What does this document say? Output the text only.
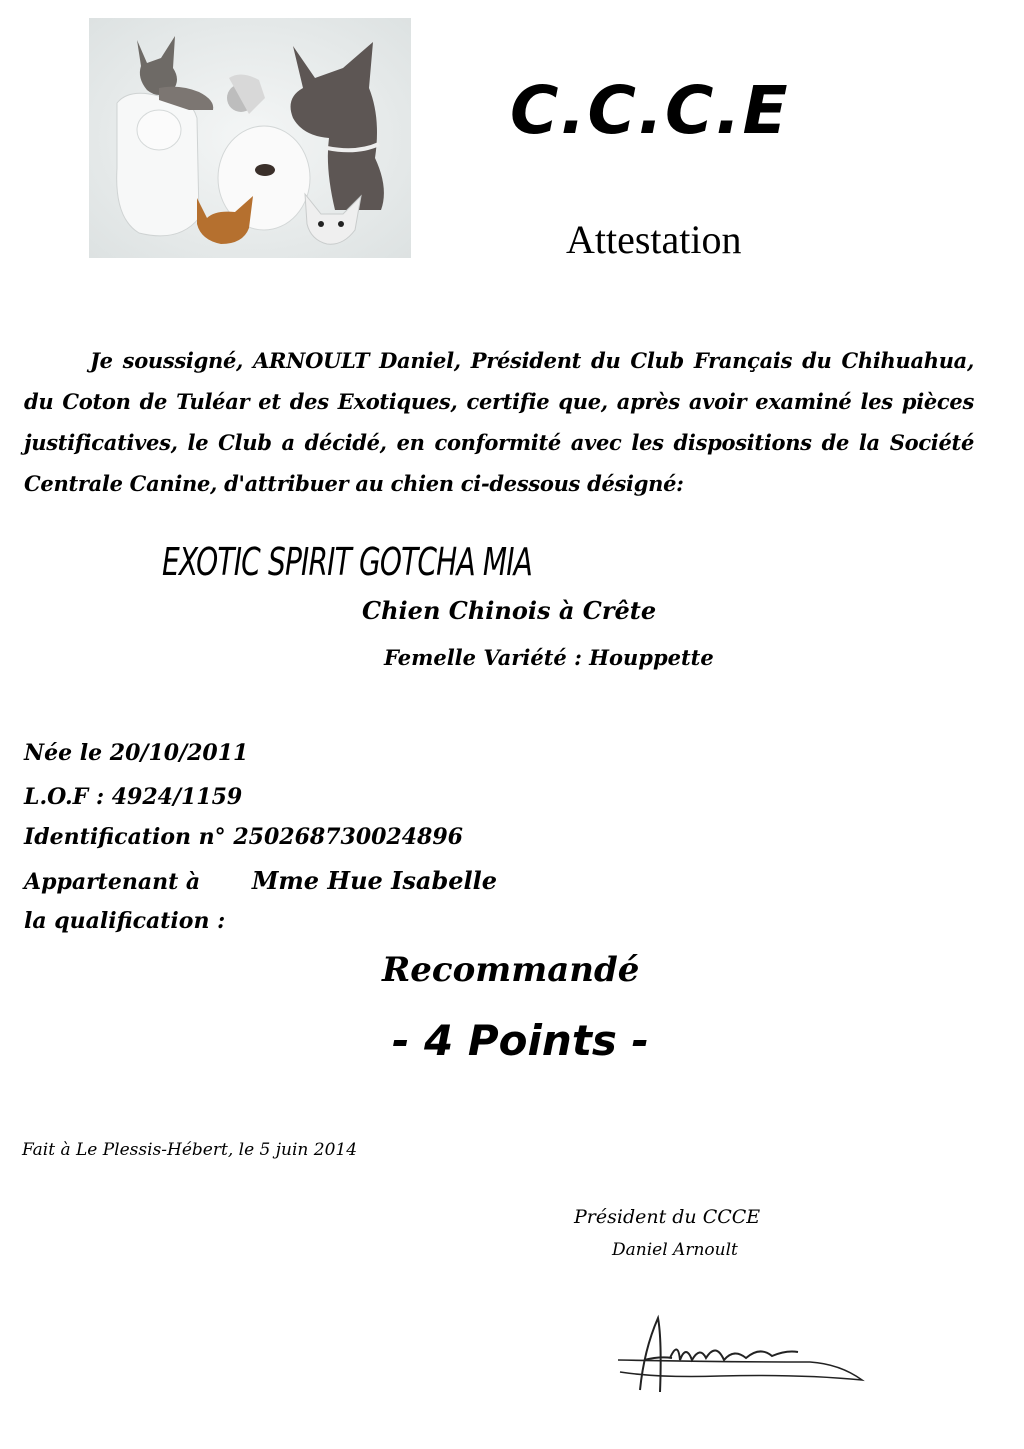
C.C.C.E
Attestation
Je soussigné, ARNOULT Daniel, Président du Club Français du Chihuahua, du Coton de Tuléar et des Exotiques, certifie que, après avoir examiné les pièces justificatives, le Club a décidé, en conformité avec les dispositions de la Société Centrale Canine, d'attribuer au chien ci-dessous désigné:
EXOTIC SPIRIT GOTCHA MIA
Chien Chinois à Crête
Femelle Variété : Houppette
Née le 20/10/2011
L.O.F : 4924/1159
Identification n° 250268730024896
Appartenant à Mme Hue Isabelle
la qualification :
Recommandé
- 4 Points -
Fait à Le Plessis-Hébert, le 5 juin 2014
Président du CCCE
Daniel Arnoult
